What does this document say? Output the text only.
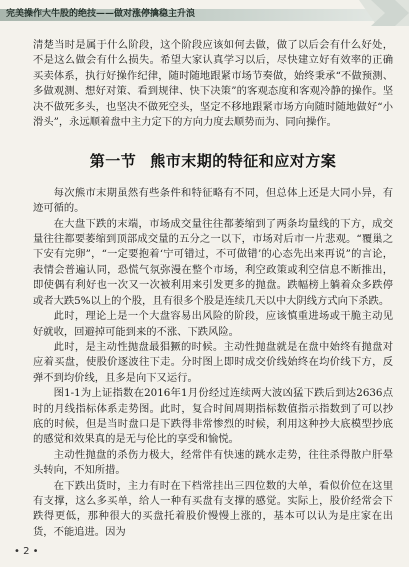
完美操作大牛股的绝技——做对涨停擒稳主升浪

清楚当时是属于什么阶段，这个阶段应该如何去做，做了以后会有什么好处，不是这么做会有什么损失。希望大家认真学习以后，尽快建立好有效率的正确买卖体系，执行好操作纪律，随时随地跟紧市场节奏做，始终秉承“不做预测、多做观测、想好对策、看到规律、快下决策”的客观态度和客观冷静的操作。坚决不做死多头，也坚决不做死空头，坚定不移地跟紧市场方向随时随地做好“小滑头”，永远顺着盘中主力定下的方向力度去顺势而为、同向操作。

第一节 熊市末期的特征和应对方案

每次熊市末期虽然有些条件和特征略有不同，但总体上还是大同小异，有迹可循的。

在大盘下跌的末端，市场成交量往往都萎缩到了两条均量线的下方，成交量往往都要萎缩到顶部成交量的五分之一以下，市场对后市一片悲观。“覆巢之下安有完卵”，“一定要抱着‘宁可错过，不可做错’的心态先出来再说”的言论，表情会普遍认同，恐慌气氛弥漫在整个市场，利空政策或利空信息不断推出，即使偶有利好也一次又一次被利用来引发更多的抛盘。跌幅榜上躺着众多跌停或者大跌5%以上的个股，且有很多个股是连续几天以中大阴线方式向下杀跌。

此时，理论上是一个大盘容易出风险的阶段，应该慎重进场或干脆主动见好就收，回避掉可能到来的不涨、下跌风险。

此时，是主动性抛盘最猖獗的时候。主动性抛盘就是在盘中始终有抛盘对应着买盘，使股价逐波往下走。分时图上即时成交价线始终在均价线下方，反弹不到均价线，且多是向下又运行。

图1-1为上证指数在2016年1月份经过连续两大波凶猛下跌后到达2636点时的月线指标体系走势图。此时，复合时间周期指标数值指示指数到了可以抄底的时候，但是当时盘口是下跌得非常惨烈的时候，利用这种抄大底模型抄底的感觉和效果真的是无与伦比的享受和愉悦。

主动性抛盘的杀伤力极大，经常伴有快速的跳水走势，往往杀得散户肝晕头转向，不知所措。

在下跌出货时，主力有时在下档常挂出三四位数的大单，看似价位在这里有支撑，这么多买单，给人一种有买盘有支撑的感觉。实际上，股价经常会下跌得更低，那种很大的买盘托着股价慢慢上涨的，基本可以认为是庄家在出货，不能追进。因为

• 2 •
